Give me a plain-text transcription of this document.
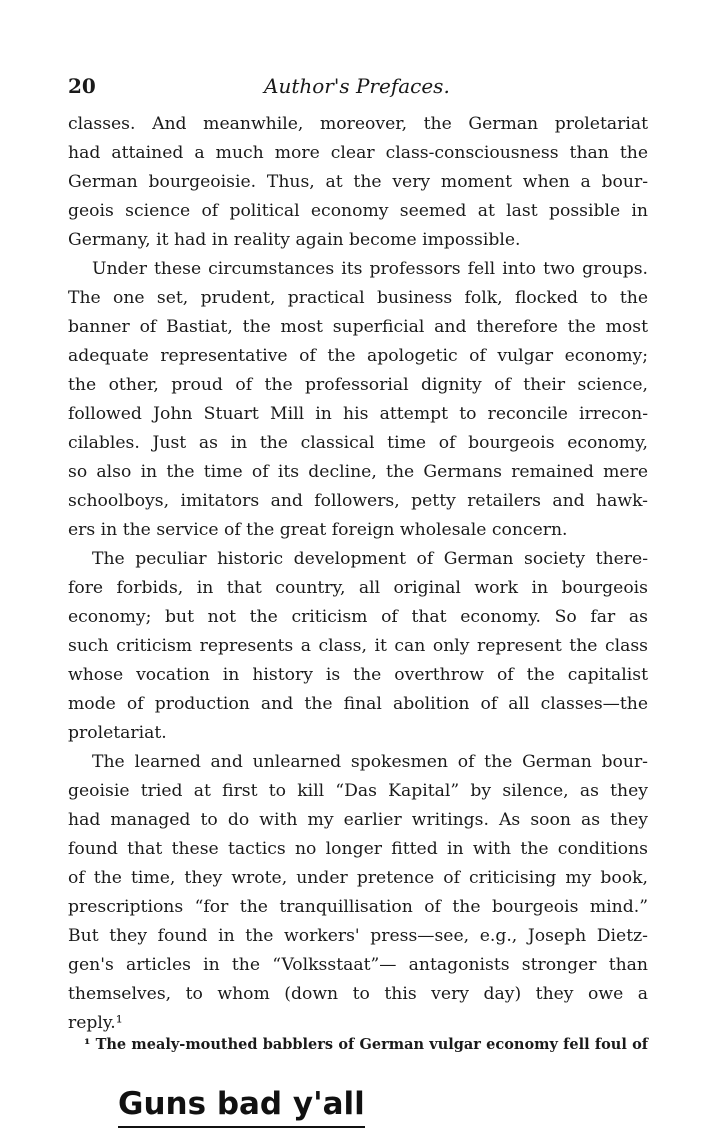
20	Author's Prefaces.
classes. And meanwhile, moreover, the German proletariat
had attained a much more clear class-consciousness than the
German bourgeoisie. Thus, at the very moment when a bour-
geois science of political economy seemed at last possible in
Germany, it had in reality again become impossible.
Under these circumstances its professors fell into two groups.
The one set, prudent, practical business folk, flocked to the
banner of Bastiat, the most superficial and therefore the most
adequate representative of the apologetic of vulgar economy;
the other, proud of the professorial dignity of their science,
followed John Stuart Mill in his attempt to reconcile irrecon-
cilables. Just as in the classical time of bourgeois economy,
so also in the time of its decline, the Germans remained mere
schoolboys, imitators and followers, petty retailers and hawk-
ers in the service of the great foreign wholesale concern.
The peculiar historic development of German society there-
fore forbids, in that country, all original work in bourgeois
economy; but not the criticism of that economy. So far as
such criticism represents a class, it can only represent the class
whose vocation in history is the overthrow of the capitalist
mode of production and the final abolition of all classes—the
proletariat.
The learned and unlearned spokesmen of the German bour-
geoisie tried at first to kill “Das Kapital” by silence, as they
had managed to do with my earlier writings. As soon as they
found that these tactics no longer fitted in with the conditions
of the time, they wrote, under pretence of criticising my book,
prescriptions “for the tranquillisation of the bourgeois mind.”
But they found in the workers' press—see, e.g., Joseph Dietz-
gen's articles in the “Volksstaat”— antagonists stronger than
themselves, to whom (down to this very day) they owe a
reply.¹
¹ The mealy-mouthed babblers of German vulgar economy fell foul of
Guns bad y'all
